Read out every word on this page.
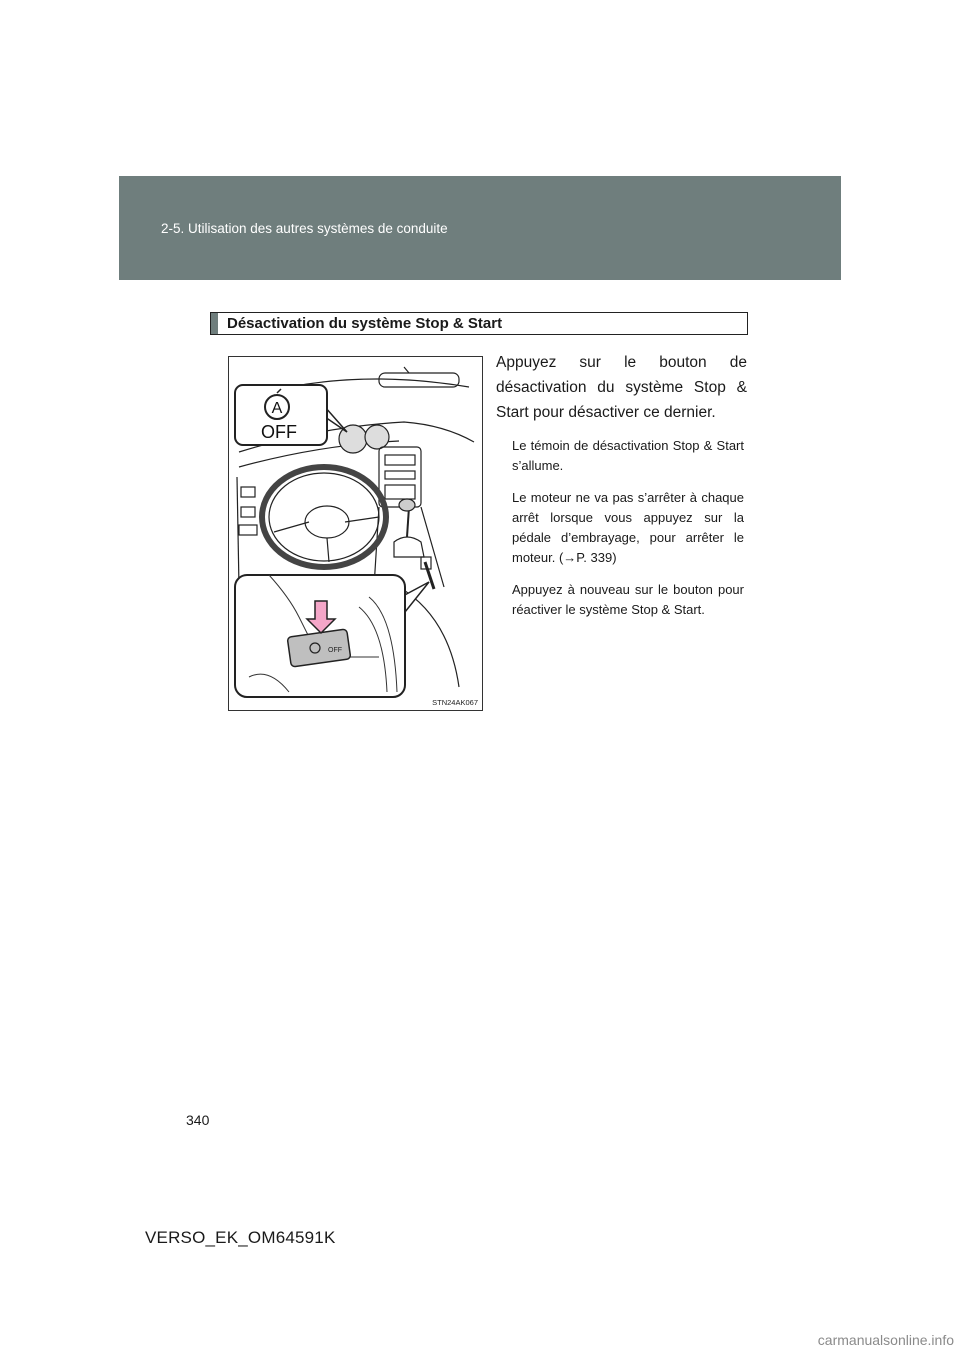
2-5. Utilisation des autres systèmes de conduite
Désactivation du système Stop & Start
A
OFF
OFF
STN24AK067
Appuyez sur le bouton de désactivation du système Stop & Start pour désactiver ce dernier.

Le témoin de désactivation Stop & Start s’allume.

Le moteur ne va pas s’arrêter à chaque arrêt lorsque vous appuyez sur la pédale d’embrayage, pour arrêter le moteur. (→P. 339)

Appuyez à nouveau sur le bouton pour réactiver le système Stop & Start.

340
VERSO_EK_OM64591K
carmanualsonline.info
